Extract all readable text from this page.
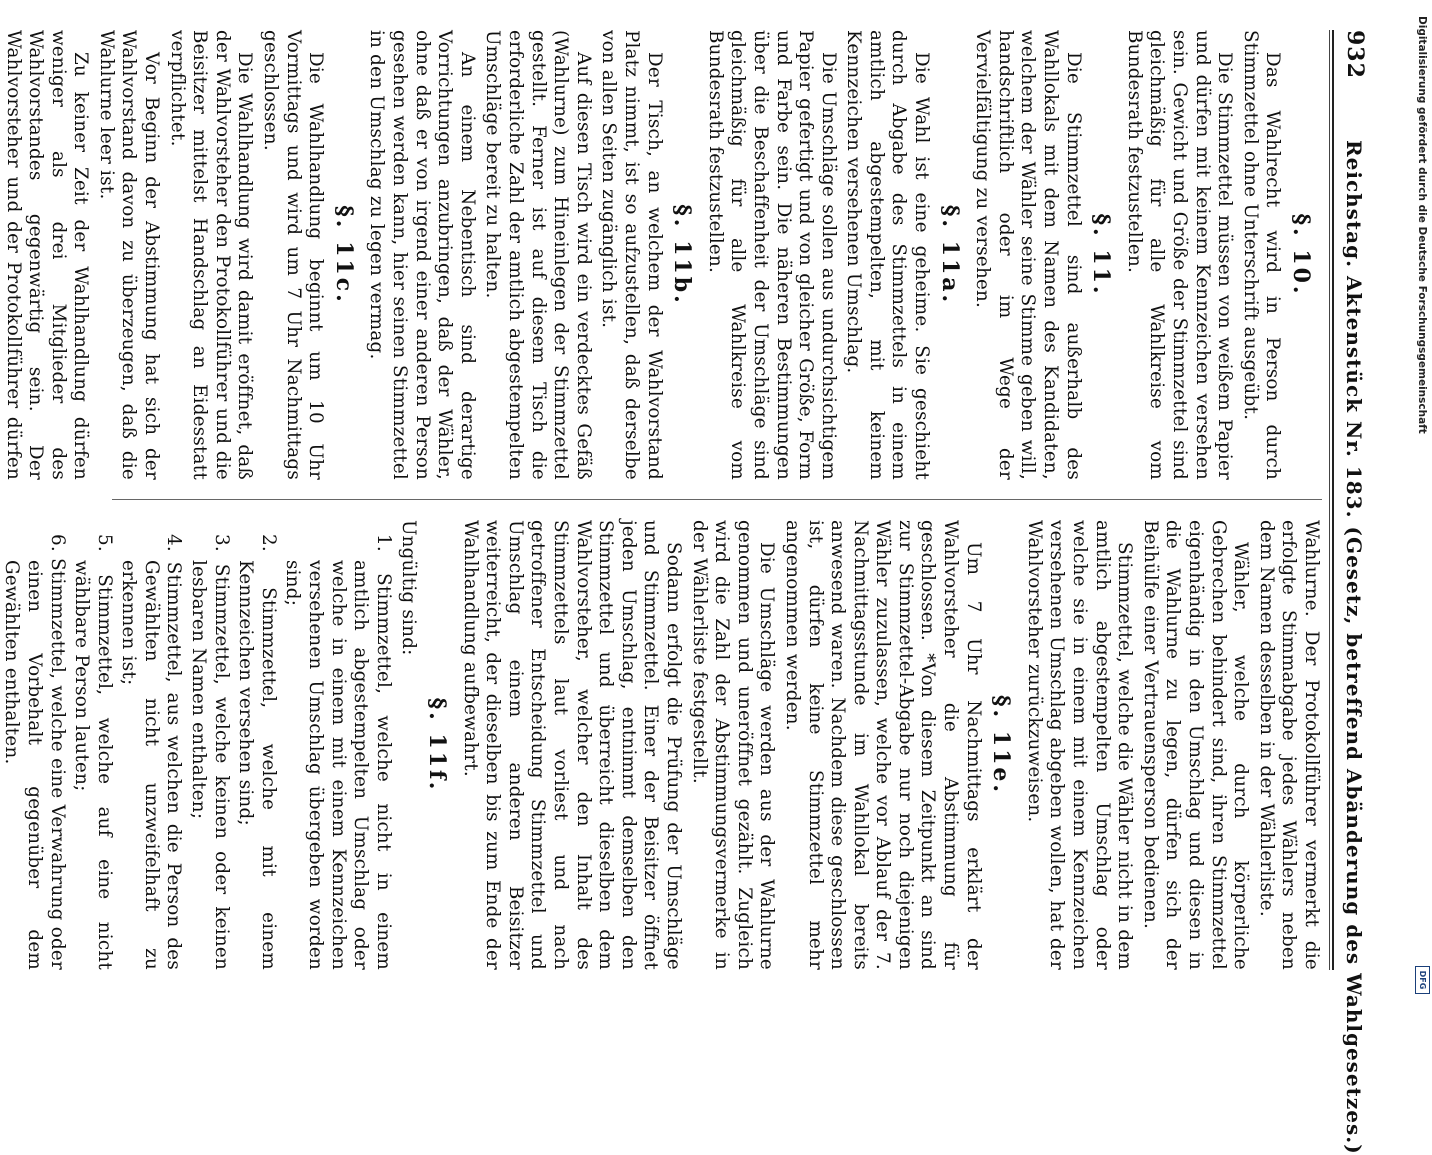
932
Reichstag. Aktenstück Nr. 183. (Gesetz, betreffend Abänderung des Wahlgesetzes.)
§. 10.

Das Wahlrecht wird in Person durch Stimmzettel ohne Unterschrift ausgeübt.

Die Stimmzettel müssen von weißem Papier und dürfen mit keinem Kennzeichen versehen sein. Gewicht und Größe der Stimmzettel sind gleichmäßig für alle Wahlkreise vom Bundesrath festzustellen.

§. 11.

Die Stimmzettel sind außerhalb des Wahllokals mit dem Namen des Kandidaten, welchem der Wähler seine Stimme geben will, handschriftlich oder im Wege der Vervielfältigung zu versehen.

§. 11a.

Die Wahl ist eine geheime. Sie geschieht durch Abgabe des Stimmzettels in einem amtlich abgestempelten, mit keinem Kennzeichen versehenen Umschlag.

Die Umschläge sollen aus undurchsichtigem Papier gefertigt und von gleicher Größe, Form und Farbe sein. Die näheren Bestimmungen über die Beschaffenheit der Umschläge sind gleichmäßig für alle Wahlkreise vom Bundesrath festzustellen.

§. 11b.

Der Tisch, an welchem der Wahlvorstand Platz nimmt, ist so aufzustellen, daß derselbe von allen Seiten zugänglich ist.

Auf diesen Tisch wird ein verdecktes Gefäß (Wahlurne) zum Hineinlegen der Stimmzettel gestellt. Ferner ist auf diesem Tisch die erforderliche Zahl der amtlich abgestempelten Umschläge bereit zu halten.

An einem Nebentisch sind derartige Vorrichtungen anzubringen, daß der Wähler, ohne daß er von irgend einer anderen Person gesehen werden kann, hier seinen Stimmzettel in den Umschlag zu legen vermag.

§. 11c.

Die Wahlhandlung beginnt um 10 Uhr Vormittags und wird um 7 Uhr Nachmittags geschlossen.

Die Wahlhandlung wird damit eröffnet, daß der Wahlvorsteher den Protokollführer und die Beisitzer mittelst Handschlag an Eidesstatt verpflichtet.

Vor Beginn der Abstimmung hat sich der Wahlvorstand davon zu überzeugen, daß die Wahlurne leer ist.

Zu keiner Zeit der Wahlhandlung dürfen weniger als drei Mitglieder des Wahlvorstandes gegenwärtig sein. Der Wahlvorsteher und der Protokollführer dürfen

Wahlurne. Der Protokollführer vermerkt die erfolgte Stimmabgabe jedes Wählers neben dem Namen desselben in der Wählerliste.

Wähler, welche durch körperliche Gebrechen behindert sind, ihren Stimmzettel eigenhändig in den Umschlag und diesen in die Wahlurne zu legen, dürfen sich der Beihülfe einer Vertrauensperson bedienen.

Stimmzettel, welche die Wähler nicht in dem amtlich abgestempelten Umschlag oder welche sie in einem mit einem Kennzeichen versehenen Umschlag abgeben wollen, hat der Wahlvorsteher zurückzuweisen.

§. 11e.

Um 7 Uhr Nachmittags erklärt der Wahlvorsteher die Abstimmung für geschlossen. *Von diesem Zeitpunkt an sind zur Stimmzettel-Abgabe nur noch diejenigen Wähler zuzulassen, welche vor Ablauf der 7. Nachmittagsstunde im Wahllokal bereits anwesend waren. Nachdem diese geschlossen ist, dürfen keine Stimmzettel mehr angenommen werden.

Die Umschläge werden aus der Wahlurne genommen und uneröffnet gezählt. Zugleich wird die Zahl der Abstimmungsvermerke in der Wählerliste festgestellt.

Sodann erfolgt die Prüfung der Umschläge und Stimmzettel. Einer der Beisitzer öffnet jeden Umschlag, entnimmt demselben den Stimmzettel und überreicht dieselben dem Wahlvorsteher, welcher den Inhalt des Stimmzettels laut vorliest und nach getroffener Entscheidung Stimmzettel und Umschlag einem anderen Beisitzer weiterreicht, der dieselben bis zum Ende der Wahlhandlung aufbewahrt.

§. 11f.

Ungültig sind:

1. Stimmzettel, welche nicht in einem amtlich abgestempelten Umschlag oder welche in einem mit einem Kennzeichen versehenen Umschlag übergeben worden sind;

2. Stimmzettel, welche mit einem Kennzeichen versehen sind;

3. Stimmzettel, welche keinen oder keinen lesbaren Namen enthalten;

4. Stimmzettel, aus welchen die Person des Gewählten nicht unzweifelhaft zu erkennen ist;

5. Stimmzettel, welche auf eine nicht wählbare Person lauten;

6. Stimmzettel, welche eine Verwahrung oder einen Vorbehalt gegenüber dem Gewählten enthalten.

Digitalisierung gefördert durch die Deutsche Forschungsgemeinschaft
DFG
